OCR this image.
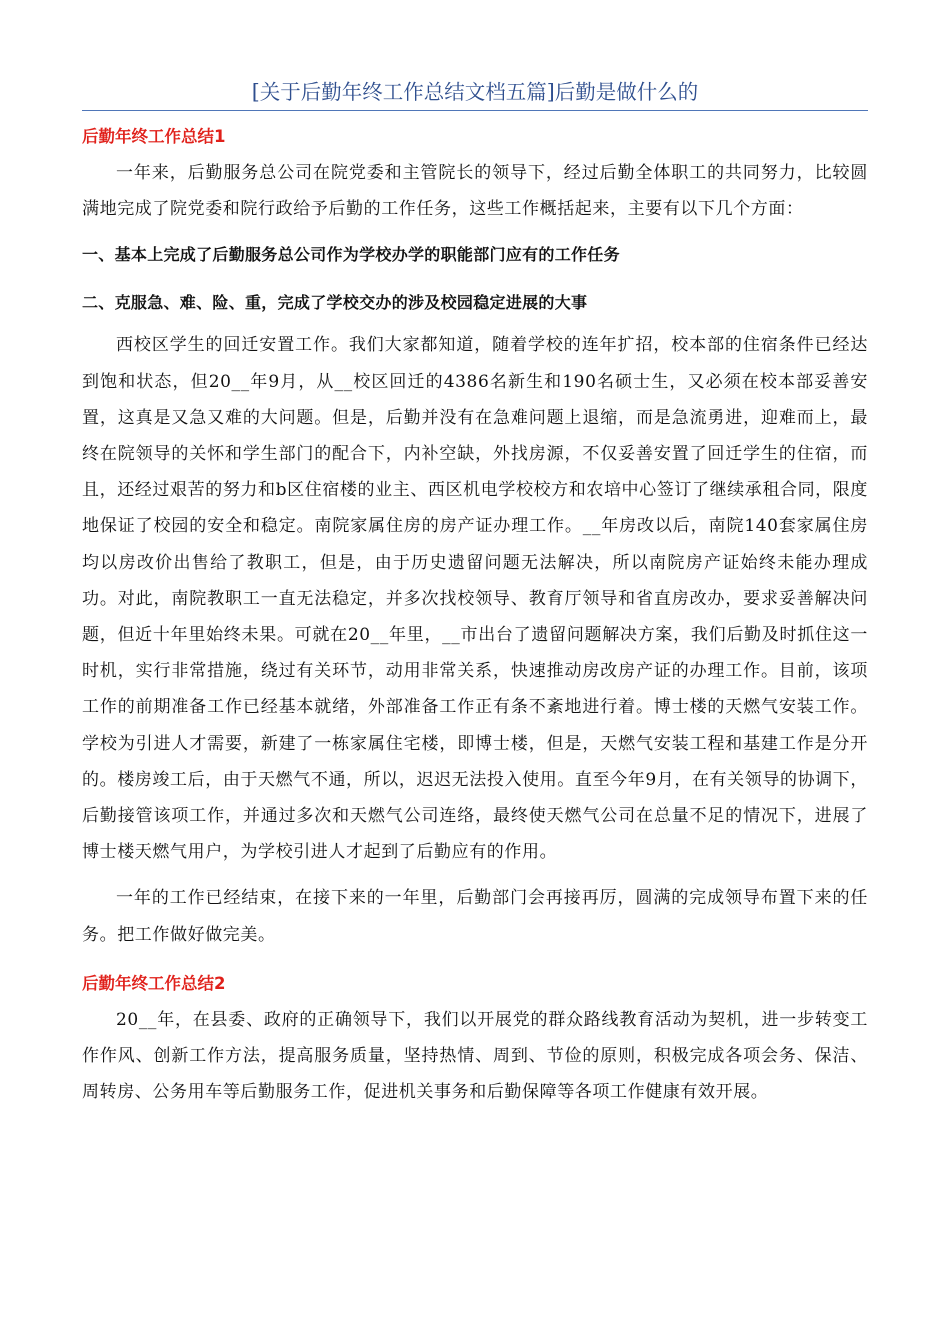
[关于后勤年终工作总结文档五篇]后勤是做什么的
后勤年终工作总结1

一年来，后勤服务总公司在院党委和主管院长的领导下，经过后勤全体职工的共同努力，比较圆满地完成了院党委和院行政给予后勤的工作任务，这些工作概括起来，主要有以下几个方面：

一、基本上完成了后勤服务总公司作为学校办学的职能部门应有的工作任务
二、克服急、难、险、重，完成了学校交办的涉及校园稳定进展的大事

西校区学生的回迁安置工作。我们大家都知道，随着学校的连年扩招，校本部的住宿条件已经达到饱和状态，但20__年9月，从__校区回迁的4386名新生和190名硕士生，又必须在校本部妥善安置，这真是又急又难的大问题。但是，后勤并没有在急难问题上退缩，而是急流勇进，迎难而上，最终在院领导的关怀和学生部门的配合下，内补空缺，外找房源，不仅妥善安置了回迁学生的住宿，而且，还经过艰苦的努力和b区住宿楼的业主、西区机电学校校方和农培中心签订了继续承租合同，限度地保证了校园的安全和稳定。南院家属住房的房产证办理工作。__年房改以后，南院140套家属住房均以房改价出售给了教职工，但是，由于历史遗留问题无法解决，所以南院房产证始终未能办理成功。对此，南院教职工一直无法稳定，并多次找校领导、教育厅领导和省直房改办，要求妥善解决问题，但近十年里始终未果。可就在20__年里，__市出台了遗留问题解决方案，我们后勤及时抓住这一时机，实行非常措施，绕过有关环节，动用非常关系，快速推动房改房产证的办理工作。目前，该项工作的前期准备工作已经基本就绪，外部准备工作正有条不紊地进行着。博士楼的天燃气安装工作。学校为引进人才需要，新建了一栋家属住宅楼，即博士楼，但是，天燃气安装工程和基建工作是分开的。楼房竣工后，由于天燃气不通，所以，迟迟无法投入使用。直至今年9月，在有关领导的协调下，后勤接管该项工作，并通过多次和天燃气公司连络，最终使天燃气公司在总量不足的情况下，进展了博士楼天燃气用户，为学校引进人才起到了后勤应有的作用。

一年的工作已经结束，在接下来的一年里，后勤部门会再接再厉，圆满的完成领导布置下来的任务。把工作做好做完美。

后勤年终工作总结2

20__年，在县委、政府的正确领导下，我们以开展党的群众路线教育活动为契机，进一步转变工作作风、创新工作方法，提高服务质量，坚持热情、周到、节俭的原则，积极完成各项会务、保洁、周转房、公务用车等后勤服务工作，促进机关事务和后勤保障等各项工作健康有效开展。
